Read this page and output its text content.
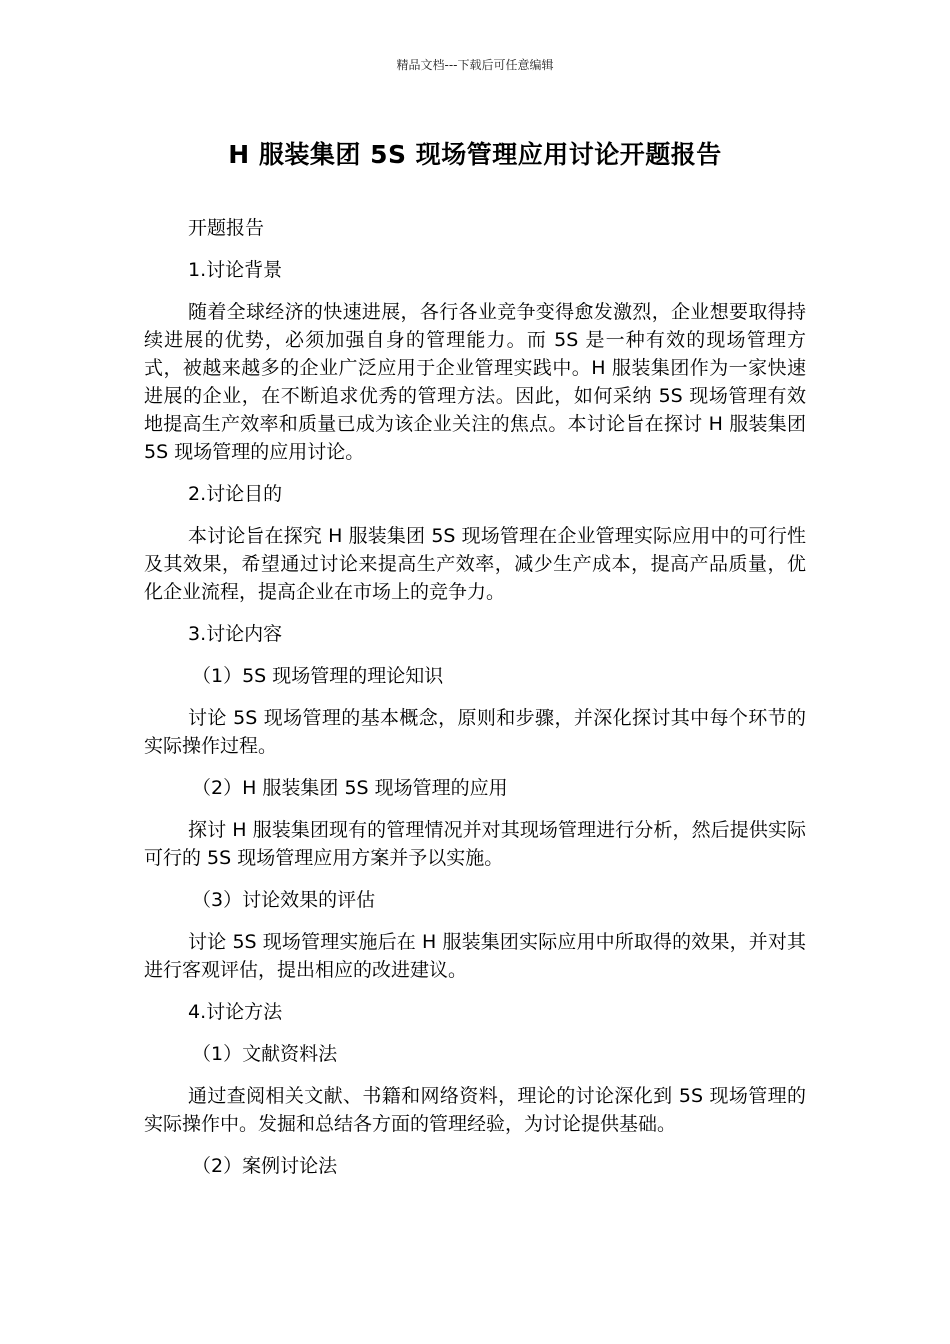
精品文档---下载后可任意编辑
H 服装集团 5S 现场管理应用讨论开题报告
开题报告
1.讨论背景
随着全球经济的快速进展，各行各业竞争变得愈发激烈，企业想要取得持续进展的优势，必须加强自身的管理能力。而 5S 是一种有效的现场管理方式，被越来越多的企业广泛应用于企业管理实践中。H 服装集团作为一家快速进展的企业，在不断追求优秀的管理方法。因此，如何采纳 5S 现场管理有效地提高生产效率和质量已成为该企业关注的焦点。本讨论旨在探讨 H 服装集团 5S 现场管理的应用讨论。
2.讨论目的
本讨论旨在探究 H 服装集团 5S 现场管理在企业管理实际应用中的可行性及其效果，希望通过讨论来提高生产效率，减少生产成本，提高产品质量，优化企业流程，提高企业在市场上的竞争力。
3.讨论内容
（1）5S 现场管理的理论知识
讨论 5S 现场管理的基本概念，原则和步骤，并深化探讨其中每个环节的实际操作过程。
（2）H 服装集团 5S 现场管理的应用
探讨 H 服装集团现有的管理情况并对其现场管理进行分析，然后提供实际可行的 5S 现场管理应用方案并予以实施。
（3）讨论效果的评估
讨论 5S 现场管理实施后在 H 服装集团实际应用中所取得的效果，并对其进行客观评估，提出相应的改进建议。
4.讨论方法
（1）文献资料法
通过查阅相关文献、书籍和网络资料，理论的讨论深化到 5S 现场管理的实际操作中。发掘和总结各方面的管理经验，为讨论提供基础。
（2）案例讨论法
